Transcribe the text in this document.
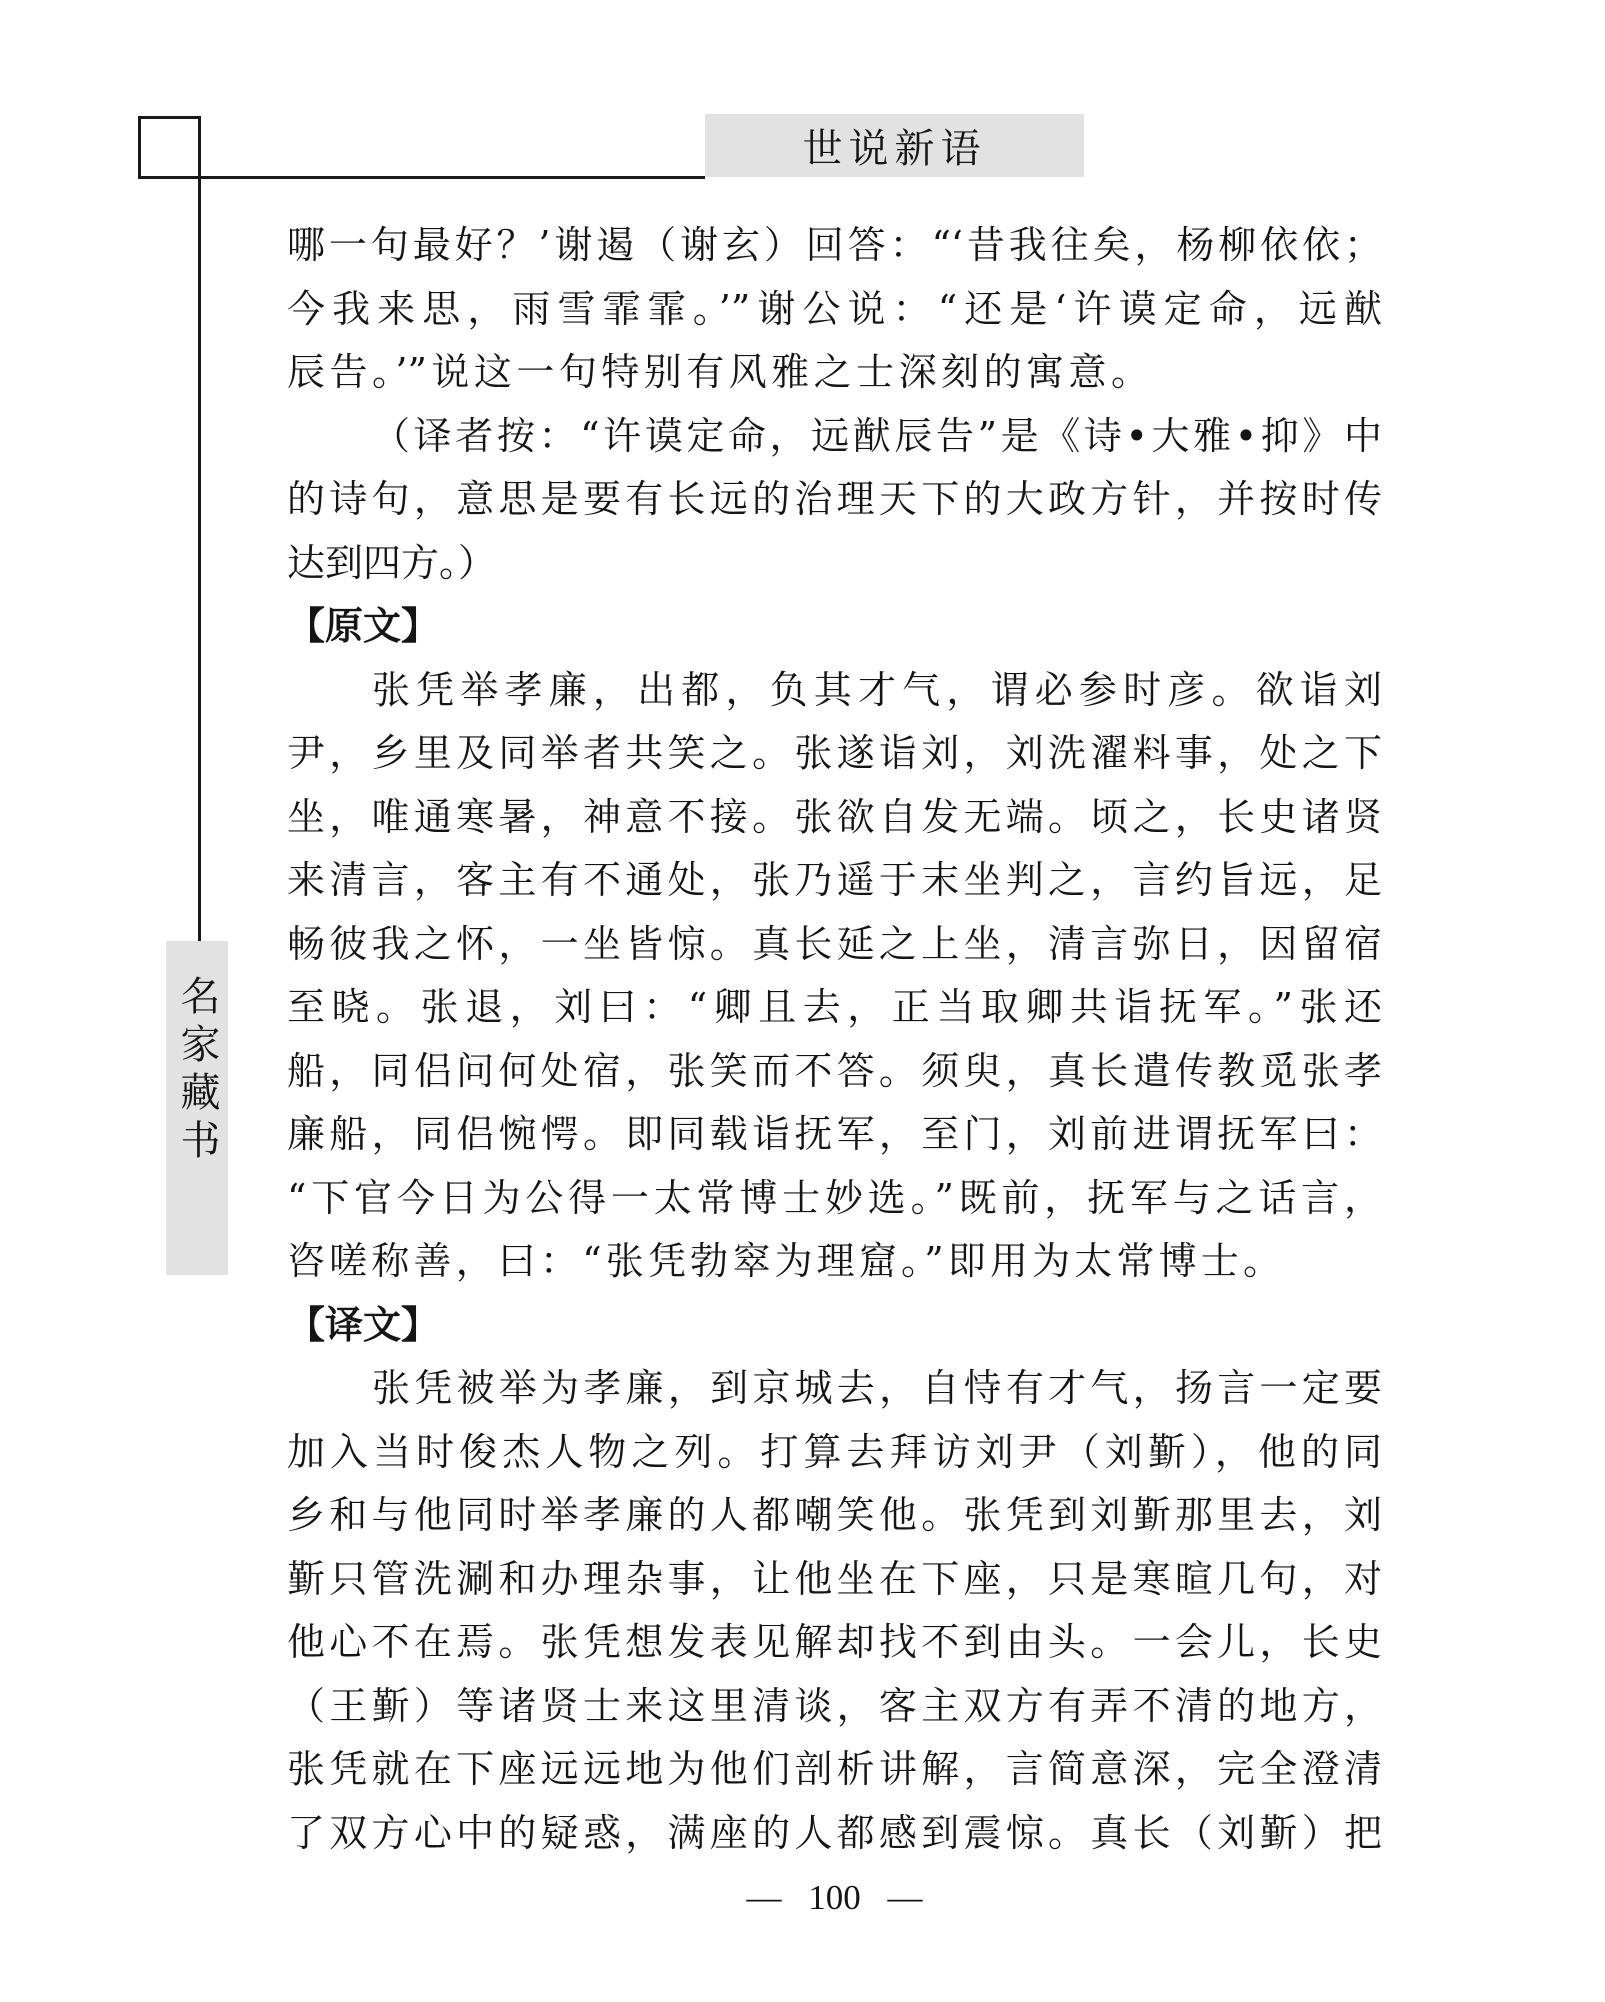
世说新语
名家藏书
哪一句最好？’谢遏（谢玄）回答：“‘昔我往矣，杨柳依依；
今我来思，雨雪霏霏。’”谢公说：“还是‘许谟定命，远猷
辰告。’”说这一句特别有风雅之士深刻的寓意。
（译者按：“许谟定命，远猷辰告”是《诗•大雅•抑》中
的诗句，意思是要有长远的治理天下的大政方针，并按时传
达到四方。）
【原文】
张凭举孝廉，出都，负其才气，谓必参时彦。欲诣刘
尹，乡里及同举者共笑之。张遂诣刘，刘洗濯料事，处之下
坐，唯通寒暑，神意不接。张欲自发无端。顷之，长史诸贤
来清言，客主有不通处，张乃遥于末坐判之，言约旨远，足
畅彼我之怀，一坐皆惊。真长延之上坐，清言弥日，因留宿
至晓。张退，刘曰：“卿且去，正当取卿共诣抚军。”张还
船，同侣问何处宿，张笑而不答。须臾，真长遣传教觅张孝
廉船，同侣惋愕。即同载诣抚军，至门，刘前进谓抚军曰：
“下官今日为公得一太常博士妙选。”既前，抚军与之话言，
咨嗟称善，曰：“张凭勃窣为理窟。”即用为太常博士。
【译文】
张凭被举为孝廉，到京城去，自恃有才气，扬言一定要
加入当时俊杰人物之列。打算去拜访刘尹（刘斳），他的同
乡和与他同时举孝廉的人都嘲笑他。张凭到刘斳那里去，刘
斳只管洗涮和办理杂事，让他坐在下座，只是寒暄几句，对
他心不在焉。张凭想发表见解却找不到由头。一会儿，长史
（王斳）等诸贤士来这里清谈，客主双方有弄不清的地方，
张凭就在下座远远地为他们剖析讲解，言简意深，完全澄清
了双方心中的疑惑，满座的人都感到震惊。真长（刘斳）把
— 100 —
